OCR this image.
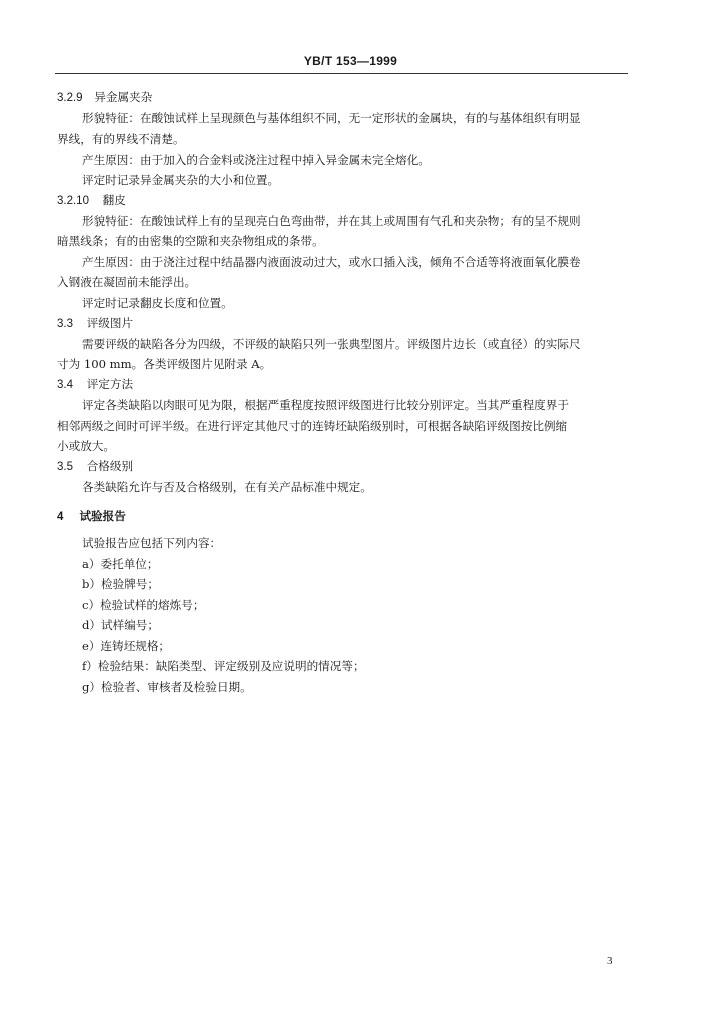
YB/T 153—1999
3.2.9 异金属夹杂
形貌特征：在酸蚀试样上呈现颜色与基体组织不同，无一定形状的金属块，有的与基体组织有明显
界线，有的界线不清楚。
产生原因：由于加入的合金料或浇注过程中掉入异金属未完全熔化。
评定时记录异金属夹杂的大小和位置。
3.2.10 翻皮
形貌特征：在酸蚀试样上有的呈现亮白色弯曲带，并在其上或周围有气孔和夹杂物；有的呈不规则
暗黑线条；有的由密集的空隙和夹杂物组成的条带。
产生原因：由于浇注过程中结晶器内液面波动过大，或水口插入浅，倾角不合适等将液面氧化膜卷
入钢液在凝固前未能浮出。
评定时记录翻皮长度和位置。
3.3 评级图片
需要评级的缺陷各分为四级，不评级的缺陷只列一张典型图片。评级图片边长（或直径）的实际尺
寸为 100 mm。各类评级图片见附录 A。
3.4 评定方法
评定各类缺陷以肉眼可见为限，根据严重程度按照评级图进行比较分别评定。当其严重程度界于
相邻两级之间时可评半级。在进行评定其他尺寸的连铸坯缺陷级别时，可根据各缺陷评级图按比例缩
小或放大。
3.5 合格级别
各类缺陷允许与否及合格级别，在有关产品标准中规定。
4 试验报告
试验报告应包括下列内容：
a）委托单位；
b）检验牌号；
c）检验试样的熔炼号；
d）试样编号；
e）连铸坯规格；
f）检验结果：缺陷类型、评定级别及应说明的情况等；
g）检验者、审核者及检验日期。
3
